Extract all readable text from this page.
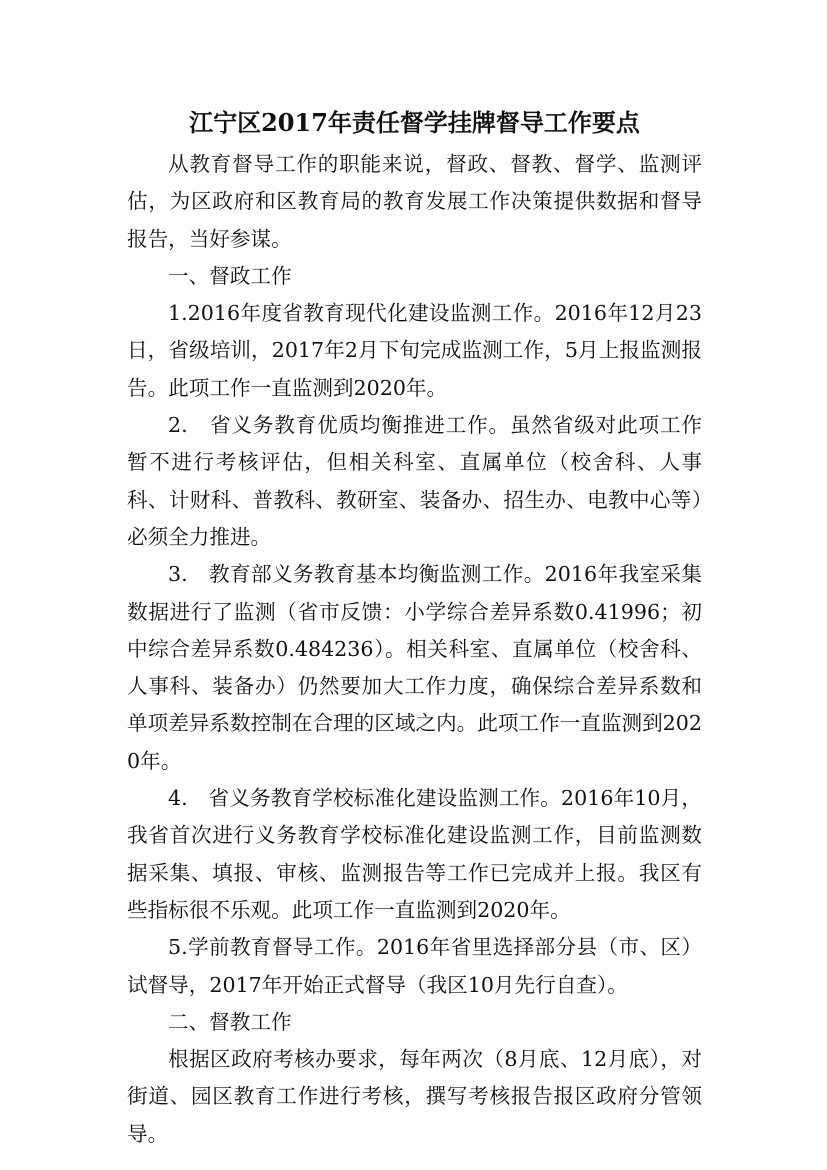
江宁区2017年责任督学挂牌督导工作要点

从教育督导工作的职能来说，督政、督教、督学、监测评估，为区政府和区教育局的教育发展工作决策提供数据和督导报告，当好参谋。

一、督政工作

1.2016年度省教育现代化建设监测工作。2016年12月23日，省级培训，2017年2月下旬完成监测工作，5月上报监测报告。此项工作一直监测到2020年。

2.　省义务教育优质均衡推进工作。虽然省级对此项工作暂不进行考核评估，但相关科室、直属单位（校舍科、人事科、计财科、普教科、教研室、装备办、招生办、电教中心等）必须全力推进。

3.　教育部义务教育基本均衡监测工作。2016年我室采集数据进行了监测（省市反馈：小学综合差异系数0.41996；初中综合差异系数0.484236）。相关科室、直属单位（校舍科、人事科、装备办）仍然要加大工作力度，确保综合差异系数和单项差异系数控制在合理的区域之内。此项工作一直监测到2020年。

4.　省义务教育学校标准化建设监测工作。2016年10月，我省首次进行义务教育学校标准化建设监测工作，目前监测数据采集、填报、审核、监测报告等工作已完成并上报。我区有些指标很不乐观。此项工作一直监测到2020年。

5.学前教育督导工作。2016年省里选择部分县（市、区）试督导，2017年开始正式督导（我区10月先行自查）。

二、督教工作

根据区政府考核办要求，每年两次（8月底、12月底），对街道、园区教育工作进行考核，撰写考核报告报区政府分管领导。
